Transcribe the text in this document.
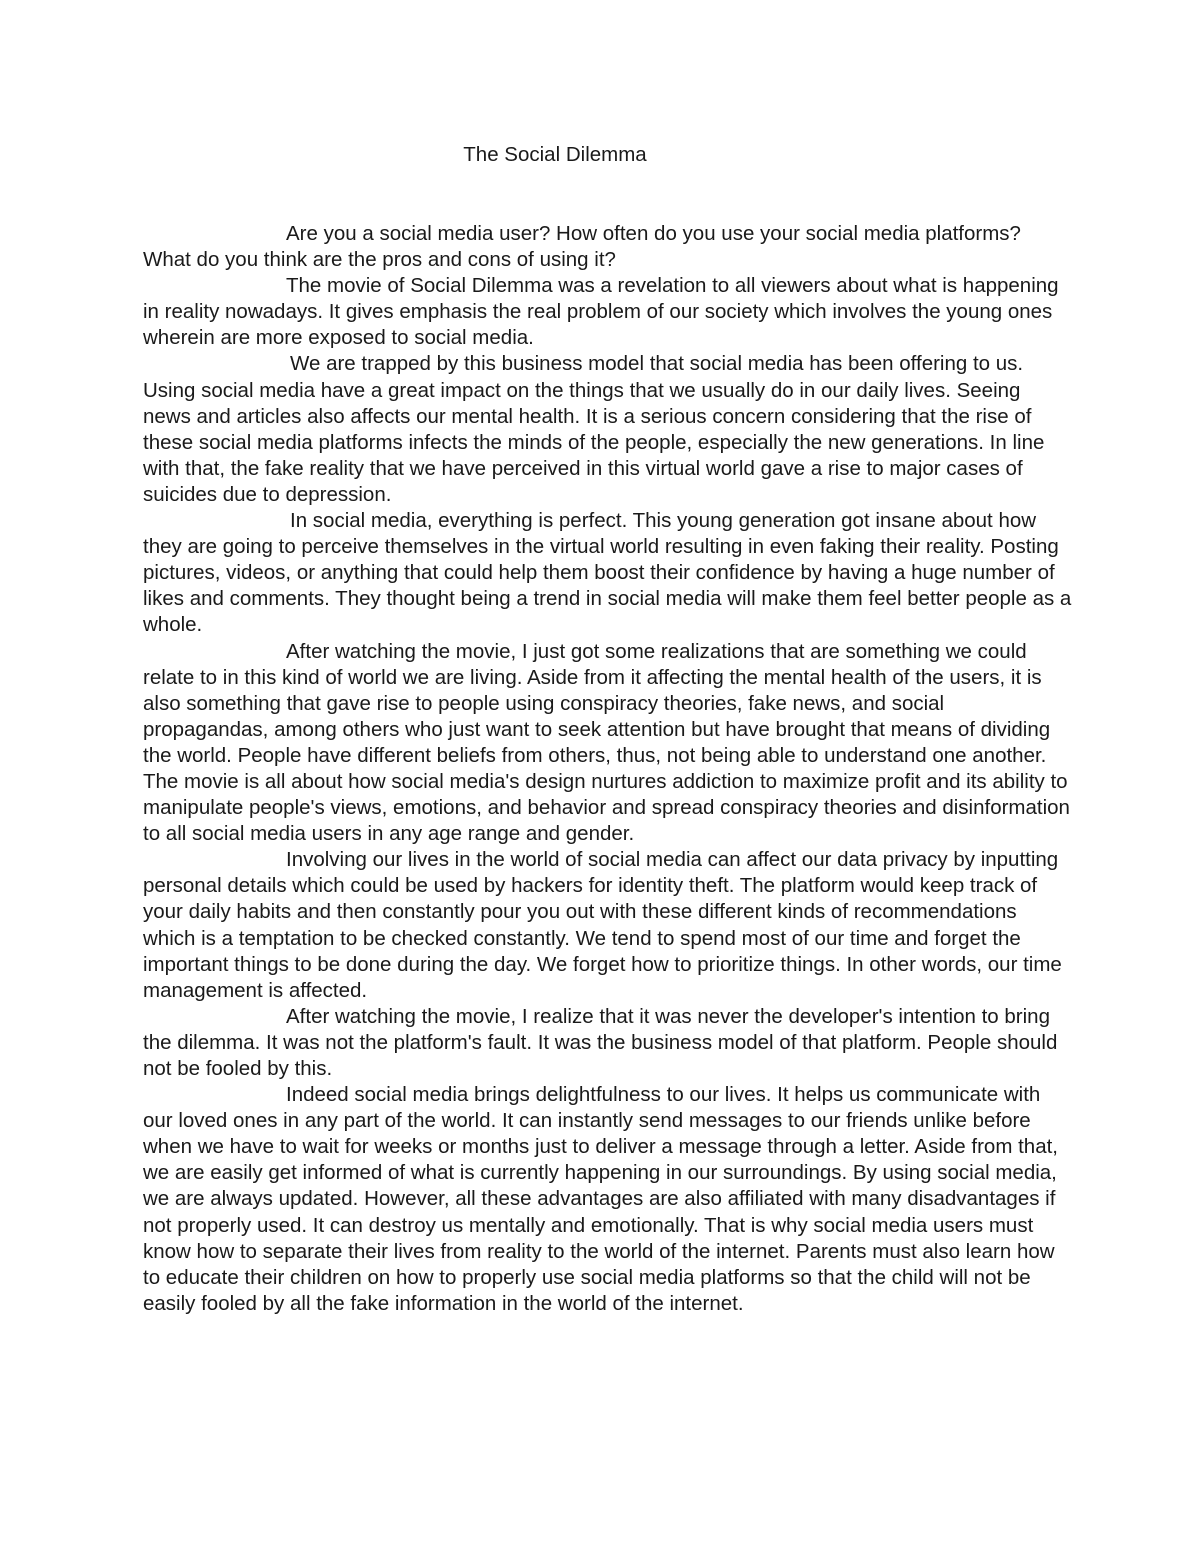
The Social Dilemma

Are you a social media user? How often do you use your social media platforms? What do you think are the pros and cons of using it?

The movie of Social Dilemma was a revelation to all viewers about what is happening in reality nowadays. It gives emphasis the real problem of our society which involves the young ones wherein are more exposed to social media.

We are trapped by this business model that social media has been offering to us. Using social media have a great impact on the things that we usually do in our daily lives. Seeing news and articles also affects our mental health. It is a serious concern considering that the rise of these social media platforms infects the minds of the people, especially the new generations. In line with that, the fake reality that we have perceived in this virtual world gave a rise to major cases of suicides due to depression.

In social media, everything is perfect. This young generation got insane about how they are going to perceive themselves in the virtual world resulting in even faking their reality. Posting pictures, videos, or anything that could help them boost their confidence by having a huge number of likes and comments. They thought being a trend in social media will make them feel better people as a whole.

After watching the movie, I just got some realizations that are something we could relate to in this kind of world we are living. Aside from it affecting the mental health of the users, it is also something that gave rise to people using conspiracy theories, fake news, and social propagandas, among others who just want to seek attention but have brought that means of dividing the world. People have different beliefs from others, thus, not being able to understand one another. The movie is all about how social media's design nurtures addiction to maximize profit and its ability to manipulate people's views, emotions, and behavior and spread conspiracy theories and disinformation to all social media users in any age range and gender.

Involving our lives in the world of social media can affect our data privacy by inputting personal details which could be used by hackers for identity theft. The platform would keep track of your daily habits and then constantly pour you out with these different kinds of recommendations which is a temptation to be checked constantly. We tend to spend most of our time and forget the important things to be done during the day. We forget how to prioritize things. In other words, our time management is affected.

After watching the movie, I realize that it was never the developer's intention to bring the dilemma. It was not the platform's fault. It was the business model of that platform. People should not be fooled by this.

Indeed social media brings delightfulness to our lives. It helps us communicate with our loved ones in any part of the world. It can instantly send messages to our friends unlike before when we have to wait for weeks or months just to deliver a message through a letter. Aside from that, we are easily get informed of what is currently happening in our surroundings. By using social media, we are always updated. However, all these advantages are also affiliated with many disadvantages if not properly used. It can destroy us mentally and emotionally. That is why social media users must know how to separate their lives from reality to the world of the internet. Parents must also learn how to educate their children on how to properly use social media platforms so that the child will not be easily fooled by all the fake information in the world of the internet.
